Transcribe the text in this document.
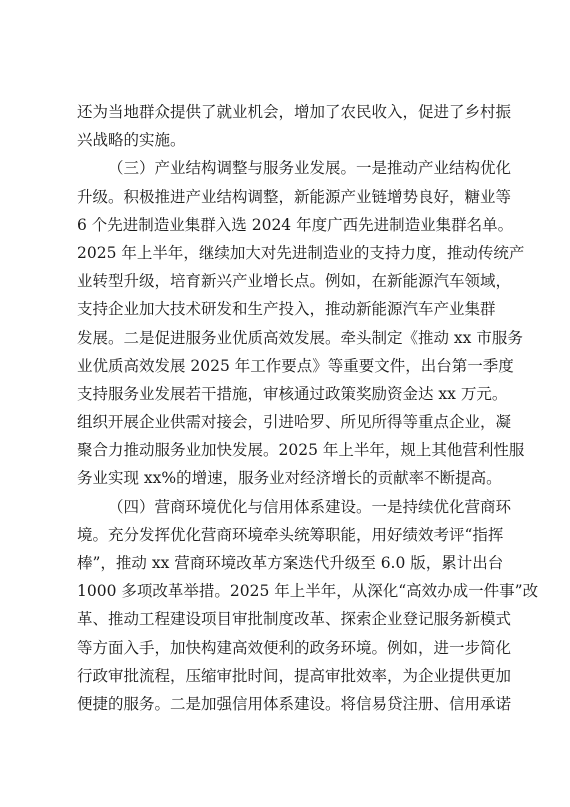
还为当地群众提供了就业机会，增加了农民收入，促进了乡村振
兴战略的实施。
（三）产业结构调整与服务业发展。一是推动产业结构优化
升级。积极推进产业结构调整，新能源产业链增势良好，糖业等
6 个先进制造业集群入选 2024 年度广西先进制造业集群名单。
2025 年上半年，继续加大对先进制造业的支持力度，推动传统产
业转型升级，培育新兴产业增长点。例如，在新能源汽车领域，
支持企业加大技术研发和生产投入，推动新能源汽车产业集群
发展。二是促进服务业优质高效发展。牵头制定《推动 xx 市服务
业优质高效发展 2025 年工作要点》等重要文件，出台第一季度
支持服务业发展若干措施，审核通过政策奖励资金达 xx 万元。
组织开展企业供需对接会，引进哈罗、所见所得等重点企业，凝
聚合力推动服务业加快发展。2025 年上半年，规上其他营利性服
务业实现 xx%的增速，服务业对经济增长的贡献率不断提高。
（四）营商环境优化与信用体系建设。一是持续优化营商环
境。充分发挥优化营商环境牵头统筹职能，用好绩效考评“指挥
棒”，推动 xx 营商环境改革方案迭代升级至 6.0 版，累计出台
1000 多项改革举措。2025 年上半年，从深化“高效办成一件事”改
革、推动工程建设项目审批制度改革、探索企业登记服务新模式
等方面入手，加快构建高效便利的政务环境。例如，进一步简化
行政审批流程，压缩审批时间，提高审批效率，为企业提供更加
便捷的服务。二是加强信用体系建设。将信易贷注册、信用承诺
